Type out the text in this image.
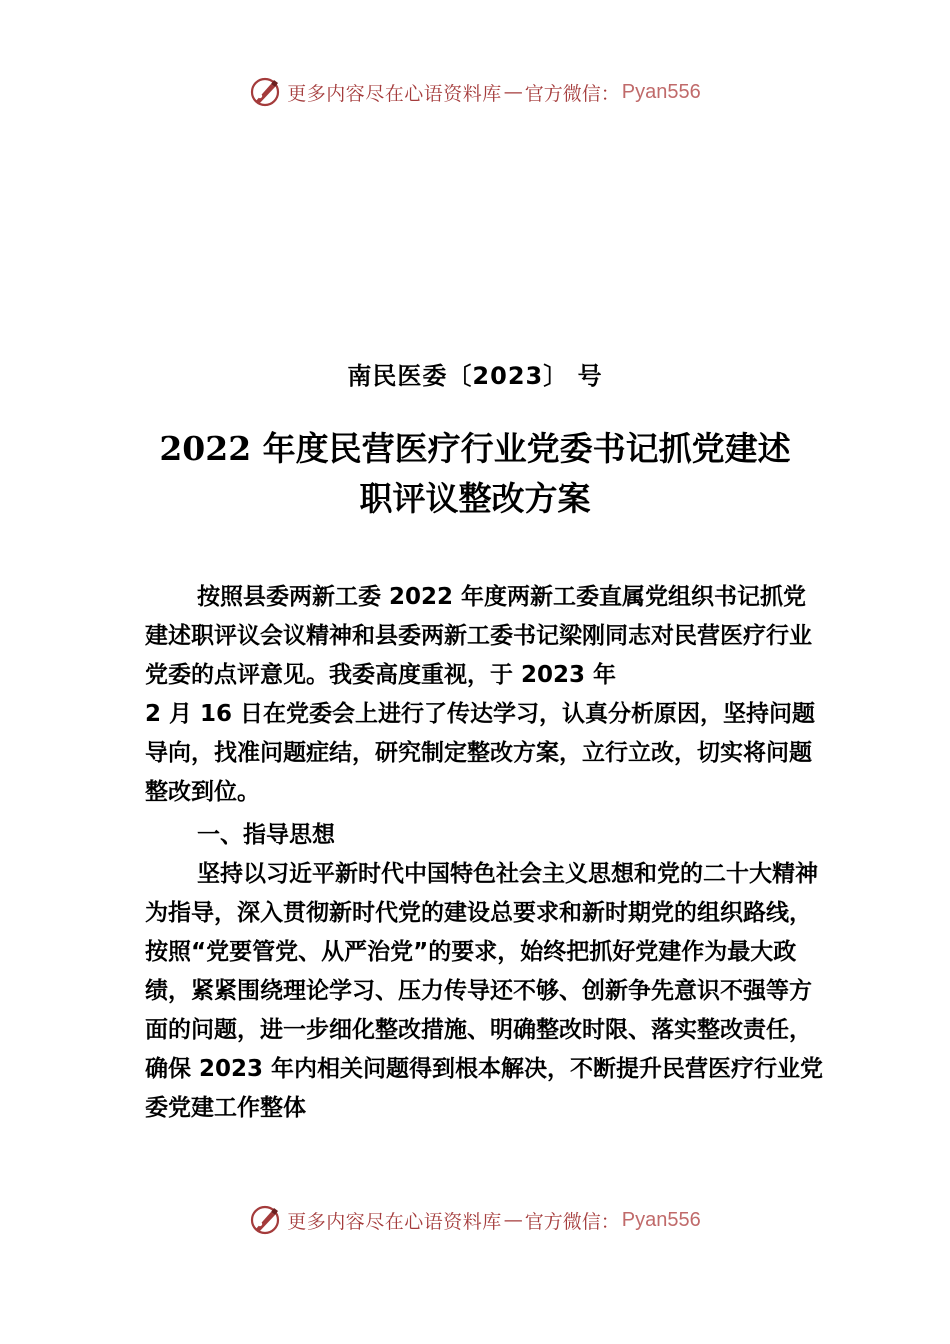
更多内容尽在心语资料库 — 官方微信： Pyan556
南民医委〔2023〕 号
2022 年度民营医疗行业党委书记抓党建述
职评议整改方案

按照县委两新工委 2022 年度两新工委直属党组织书记抓党建述职评议会议精神和县委两新工委书记梁刚同志对民营医疗行业党委的点评意见。我委高度重视，于 2023 年

2 月 16 日在党委会上进行了传达学习，认真分析原因，坚持问题导向，找准问题症结，研究制定整改方案，立行立改，切实将问题整改到位。

一、指导思想

坚持以习近平新时代中国特色社会主义思想和党的二十大精神为指导，深入贯彻新时代党的建设总要求和新时期党的组织路线，按照“党要管党、从严治党”的要求，始终把抓好党建作为最大政绩，紧紧围绕理论学习、压力传导还不够、创新争先意识不强等方面的问题，进一步细化整改措施、明确整改时限、落实整改责任，确保 2023 年内相关问题得到根本解决，不断提升民营医疗行业党委党建工作整体

更多内容尽在心语资料库 — 官方微信： Pyan556
